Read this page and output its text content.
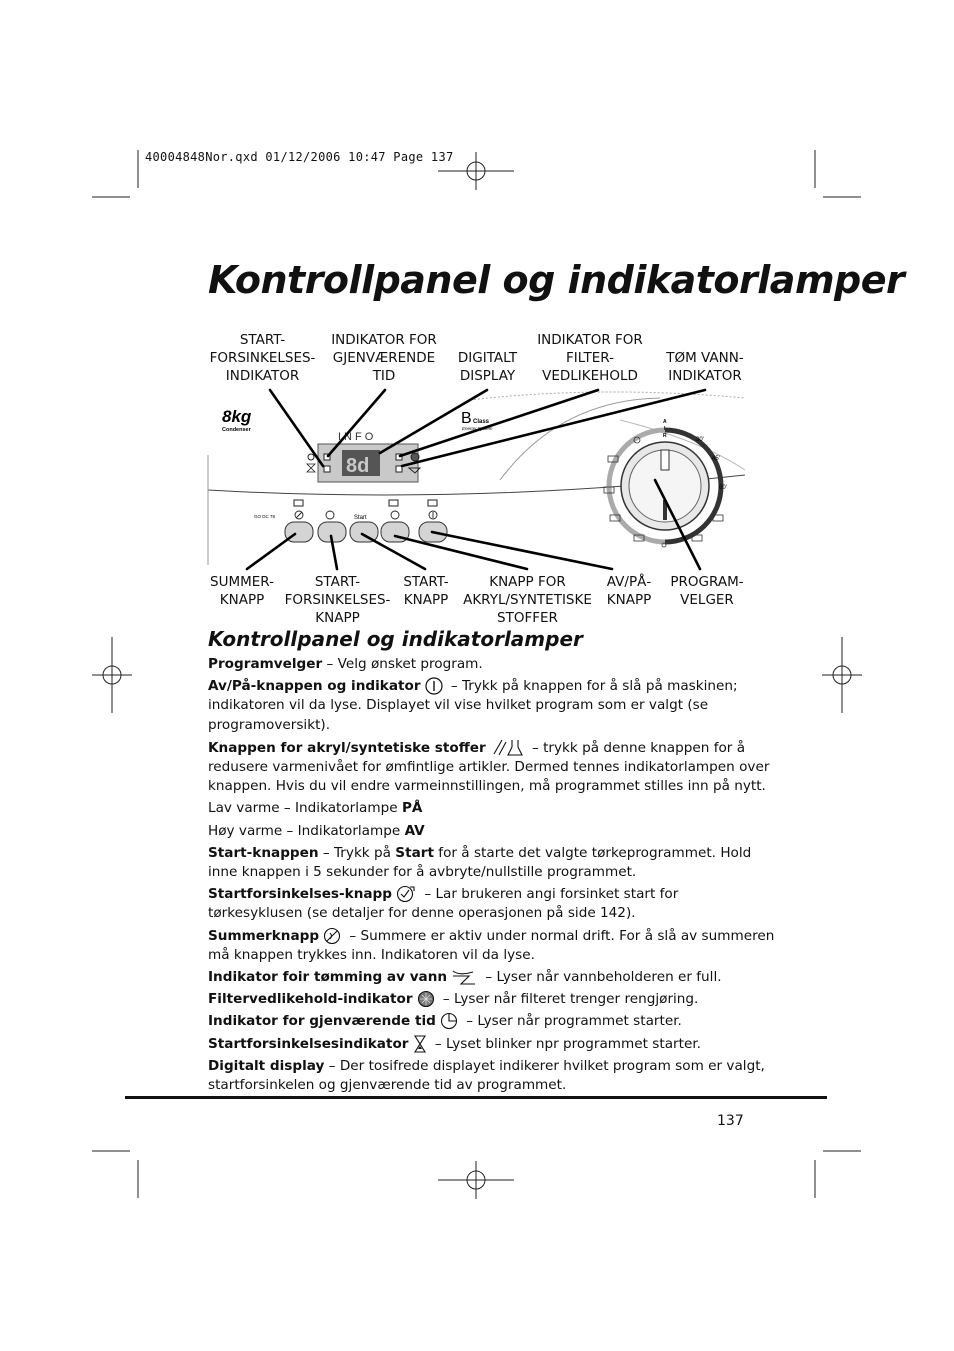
40004848Nor.qxd 01/12/2006 10:47 Page 137
Kontrollpanel og indikatorlamper
START-
FORSINKELSES-
INDIKATOR
INDIKATOR FOR
GJENVÆRENDE
TID
DIGITALT
DISPLAY
INDIKATOR FOR
FILTER-
VEDLIKEHOLD
TØM VANN-
INDIKATOR
8kg
Condenser
B Class
Energy System
INFO
8d
GO DC 78	Start
A
I
R
30'
45'
60'
SUMMER-
KNAPP
START-
FORSINKELSES-
KNAPP
START-
KNAPP
KNAPP FOR
AKRYL/SYNTETISKE
STOFFER
AV/PÅ-
KNAPP
PROGRAM-
VELGER
Kontrollpanel og indikatorlamper

Programvelger – Velg ønsket program.

Av/På-knappen og indikator – Trykk på knappen for å slå på maskinen; indikatoren vil da lyse. Displayet vil vise hvilket program som er valgt (se programoversikt).

Knappen for akryl/syntetiske stoffer	– trykk på denne knappen for å redusere varmenivået for ømfintlige artikler. Dermed tennes indikatorlampen over knappen. Hvis du vil endre varmeinnstillingen, må programmet stilles inn på nytt.

Lav varme – Indikatorlampe PÅ

Høy varme – Indikatorlampe AV

Start-knappen – Trykk på Start for å starte det valgte tørkeprogrammet. Hold inne knappen i 5 sekunder for å avbryte/nullstille programmet.

Startforsinkelses-knapp – Lar brukeren angi forsinket start for tørkesyklusen (se detaljer for denne operasjonen på side 142).

Summerknapp – Summere er aktiv under normal drift. For å slå av summeren må knappen trykkes inn. Indikatoren vil da lyse.

Indikator foir tømming av vann	– Lyser når vannbeholderen er full.

Filtervedlikehold-indikator – Lyser når filteret trenger rengjøring.

Indikator for gjenværende tid – Lyser når programmet starter.

Startforsinkelsesindikator – Lyset blinker npr programmet starter.

Digitalt display – Der tosifrede displayet indikerer hvilket program som er valgt, startforsinkelen og gjenværende tid av programmet.

137
